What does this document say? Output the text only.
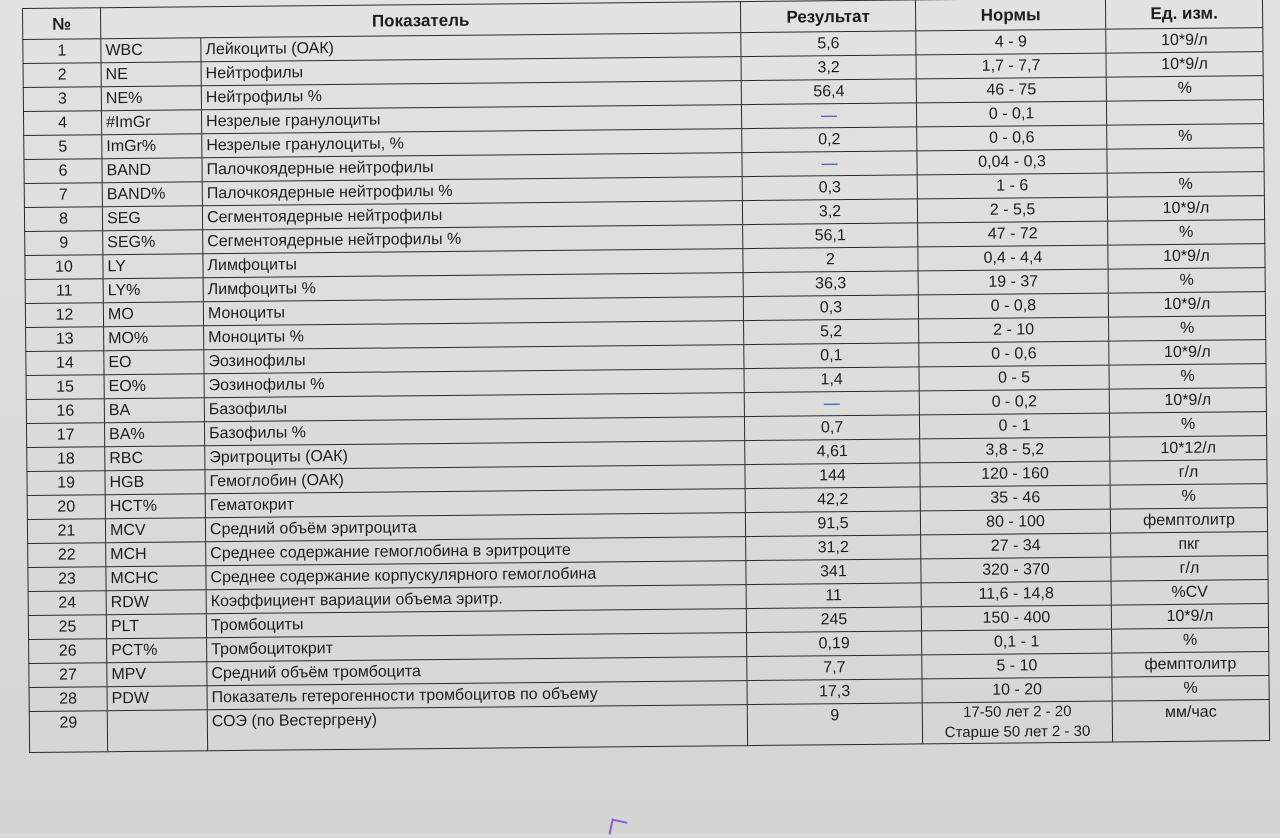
№	Показатель		Результат	Нормы	Ед. изм.
1	WBC	Лейкоциты (ОАК)	5,6	4 - 9	10*9/л
2	NE	Нейтрофилы	3,2	1,7 - 7,7	10*9/л
3	NE%	Нейтрофилы %	56,4	46 - 75	%
4	#ImGr	Незрелые гранулоциты	—	0 - 0,1	
5	ImGr%	Незрелые гранулоциты, %	0,2	0 - 0,6	%
6	BAND	Палочкоядерные нейтрофилы	—	0,04 - 0,3	
7	BAND%	Палочкоядерные нейтрофилы %	0,3	1 - 6	%
8	SEG	Сегментоядерные нейтрофилы	3,2	2 - 5,5	10*9/л
9	SEG%	Сегментоядерные нейтрофилы %	56,1	47 - 72	%
10	LY	Лимфоциты	2	0,4 - 4,4	10*9/л
11	LY%	Лимфоциты %	36,3	19 - 37	%
12	MO	Моноциты	0,3	0 - 0,8	10*9/л
13	MO%	Моноциты %	5,2	2 - 10	%
14	EO	Эозинофилы	0,1	0 - 0,6	10*9/л
15	EO%	Эозинофилы %	1,4	0 - 5	%
16	BA	Базофилы	—	0 - 0,2	10*9/л
17	BA%	Базофилы %	0,7	0 - 1	%
18	RBC	Эритроциты (ОАК)	4,61	3,8 - 5,2	10*12/л
19	HGB	Гемоглобин (ОАК)	144	120 - 160	г/л
20	HCT%	Гематокрит	42,2	35 - 46	%
21	MCV	Средний объём эритроцита	91,5	80 - 100	фемптолитр
22	MCH	Среднее содержание гемоглобина в эритроците	31,2	27 - 34	пкг
23	MCHC	Среднее содержание корпускулярного гемоглобина	341	320 - 370	г/л
24	RDW	Коэффициент вариации объема эритр.	11	11,6 - 14,8	%CV
25	PLT	Тромбоциты	245	150 - 400	10*9/л
26	PCT%	Тромбоцитокрит	0,19	0,1 - 1	%
27	MPV	Средний объём тромбоцита	7,7	5 - 10	фемптолитр
28	PDW	Показатель гетерогенности тромбоцитов по объему	17,3	10 - 20	%
29		СОЭ (по Вестергрену)	9	17-50 лет 2 - 20
Старше 50 лет 2 - 30	мм/час
